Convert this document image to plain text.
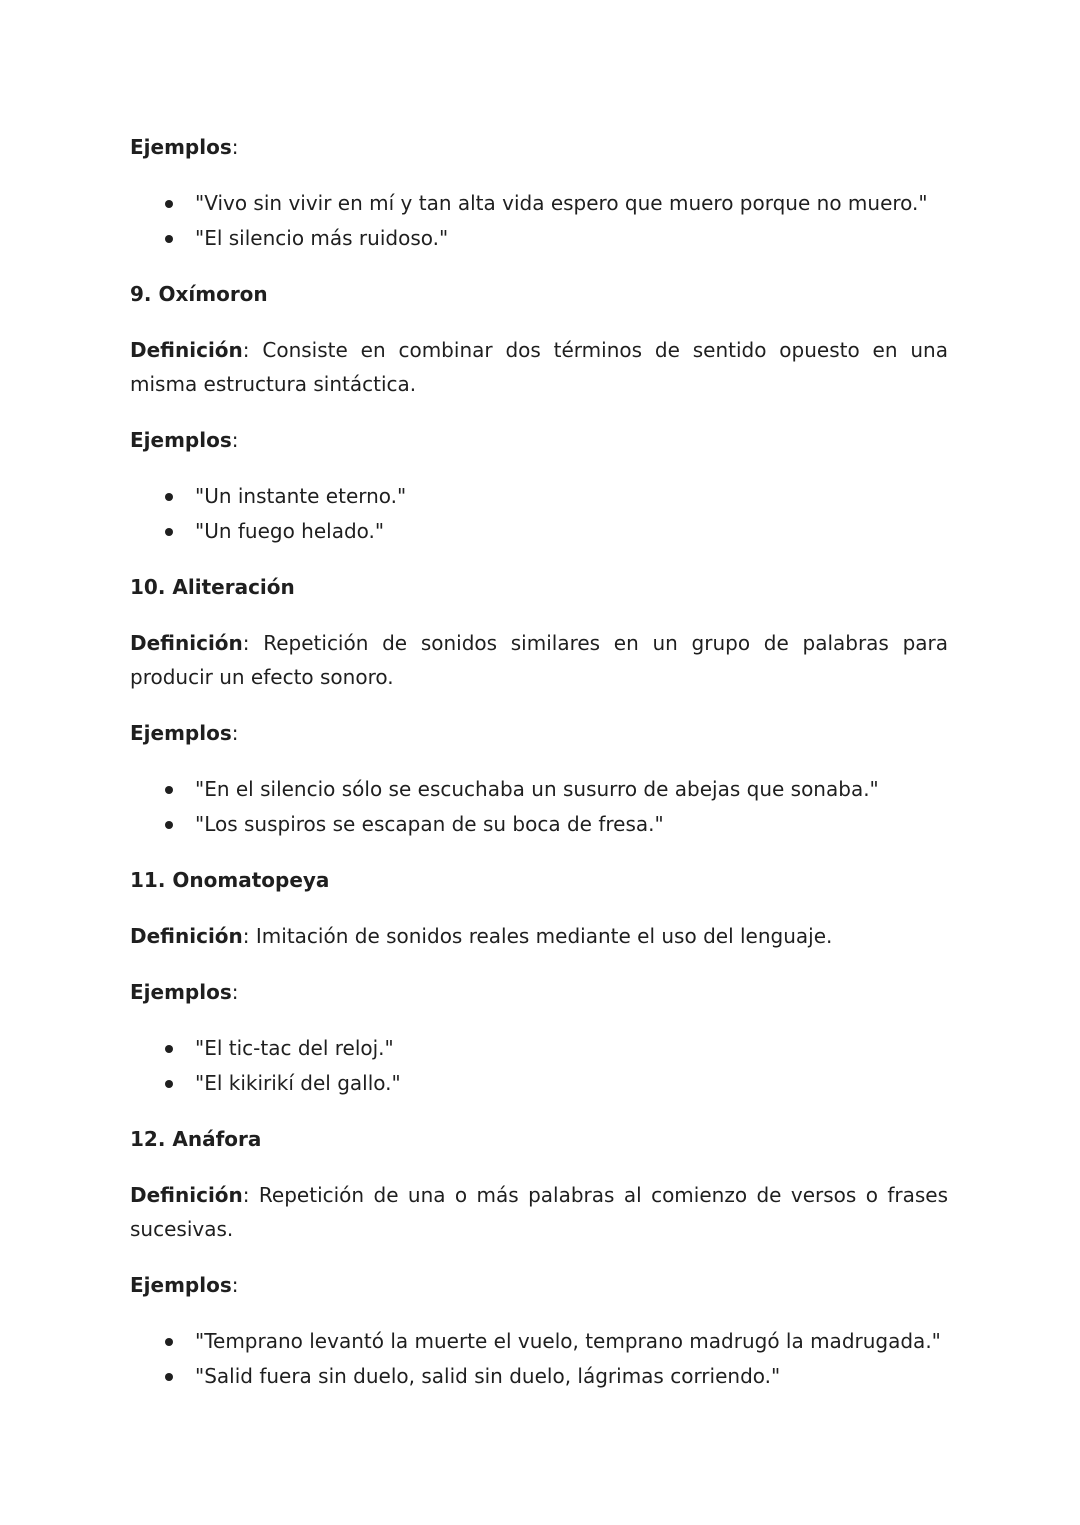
Ejemplos:

"Vivo sin vivir en mí y tan alta vida espero que muero porque no muero."
"El silencio más ruidoso."

9. Oxímoron

Definición: Consiste en combinar dos términos de sentido opuesto en una misma estructura sintáctica.

Ejemplos:

"Un instante eterno."
"Un fuego helado."

10. Aliteración

Definición: Repetición de sonidos similares en un grupo de palabras para producir un efecto sonoro.

Ejemplos:

"En el silencio sólo se escuchaba un susurro de abejas que sonaba."
"Los suspiros se escapan de su boca de fresa."

11. Onomatopeya

Definición: Imitación de sonidos reales mediante el uso del lenguaje.

Ejemplos:

"El tic-tac del reloj."
"El kikirikí del gallo."

12. Anáfora

Definición: Repetición de una o más palabras al comienzo de versos o frases sucesivas.

Ejemplos:

"Temprano levantó la muerte el vuelo, temprano madrugó la madrugada."
"Salid fuera sin duelo, salid sin duelo, lágrimas corriendo."
